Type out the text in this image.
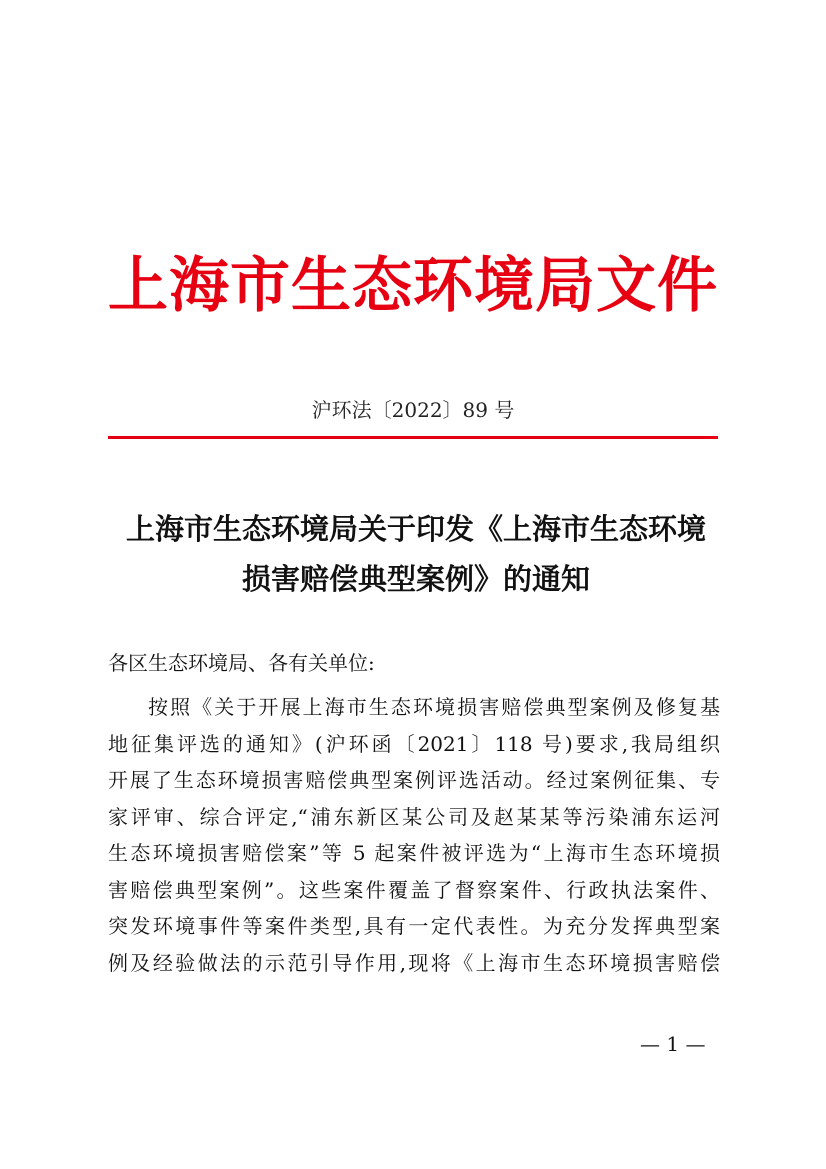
上海市生态环境局文件
沪环法〔2022〕89 号
上海市生态环境局关于印发《上海市生态环境
损害赔偿典型案例》的通知
各区生态环境局、各有关单位:
按照《关于开展上海市生态环境损害赔偿典型案例及修复基
地征集评选的通知》(沪环函〔2021〕118 号)要求,我局组织
开展了生态环境损害赔偿典型案例评选活动。经过案例征集、专
家评审、综合评定,“浦东新区某公司及赵某某等污染浦东运河
生态环境损害赔偿案”等 5 起案件被评选为“上海市生态环境损
害赔偿典型案例”。这些案件覆盖了督察案件、行政执法案件、
突发环境事件等案件类型,具有一定代表性。为充分发挥典型案
例及经验做法的示范引导作用,现将《上海市生态环境损害赔偿
— 1 —
